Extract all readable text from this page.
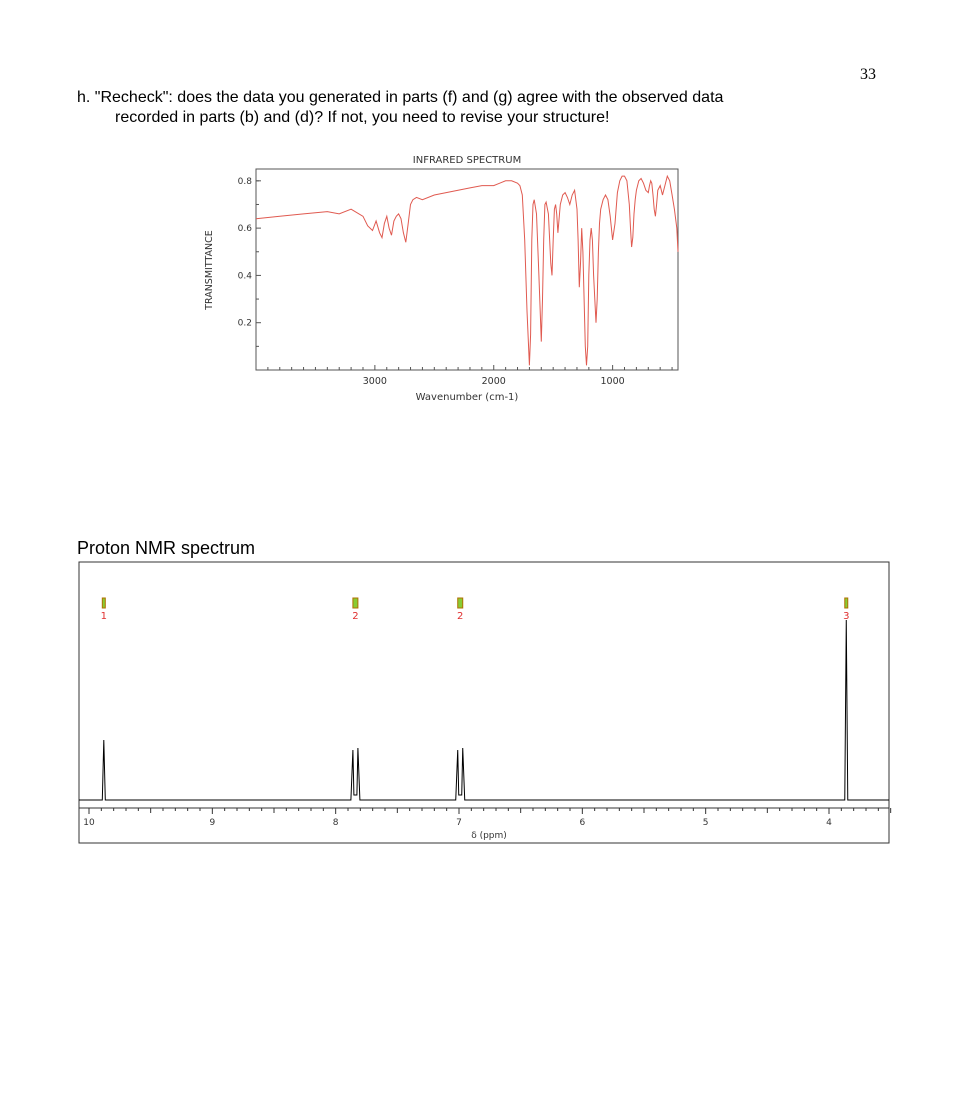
33
h. "Recheck": does the data you generated in parts (f) and (g) agree with the observed data
recorded in parts (b) and (d)? If not, you need to revise your structure!
INFRARED SPECTRUM
0.2
0.4
0.6
0.8
3000	2000	1000
Wavenumber (cm-1)
TRANSMITTANCE
Proton NMR spectrum
1	2	2	3
10	9	8	7	6	5	4
δ (ppm)
